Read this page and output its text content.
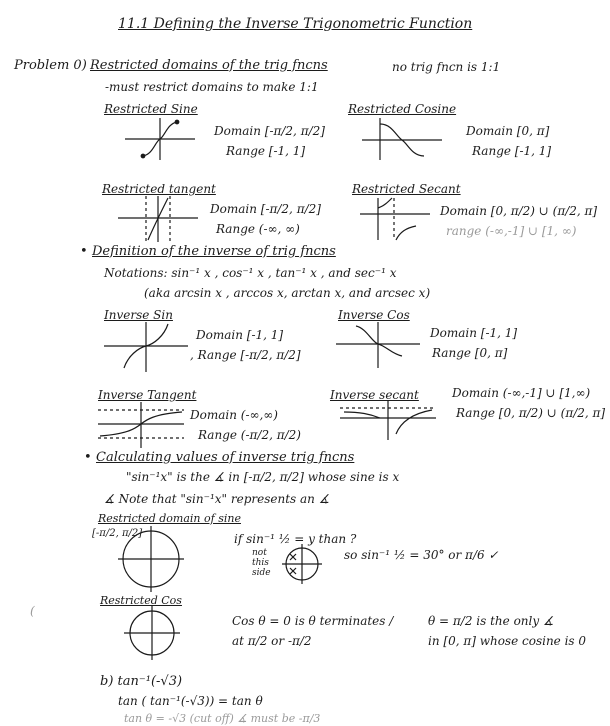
11.1 Defining the Inverse Trigonometric Function
Problem 0) Restricted domains of the trig fncns	no trig fncn is 1:1
-must restrict domains to make 1:1
Restricted Sine
Domain [-π/2, π/2]
Range [-1, 1]
Restricted Cosine
Domain [0, π]
Range [-1, 1]
Restricted tangent
Domain [-π/2, π/2]
Range (-∞, ∞)
Restricted Secant
Domain [0, π/2) ∪ (π/2, π]
range (-∞,-1] ∪ [1, ∞)
• Definition of the inverse of trig fncns
Notations: sin⁻¹ x , cos⁻¹ x , tan⁻¹ x , and sec⁻¹ x
(aka arcsin x , arccos x, arctan x, and arcsec x)
Inverse Sin
Domain [-1, 1]
, Range [-π/2, π/2]
Inverse Cos
Domain [-1, 1]
Range [0, π]
Inverse Tangent
Domain (-∞,∞)
Range (-π/2, π/2)
Inverse secant	Domain (-∞,-1] ∪ [1,∞)
Range [0, π/2) ∪ (π/2, π]
• Calculating values of inverse trig fncns
"sin⁻¹x" is the ∡ in [-π/2, π/2] whose sine is x
∡ Note that "sin⁻¹x" represents an ∡
Restricted domain of sine
[-π/2, π/2]	if sin⁻¹ ½ = y than ?
not this side
so sin⁻¹ ½ = 30° or π/6 ✓
Restricted Cos
Cos θ = 0 is θ terminates /
at π/2 or -π/2
θ = π/2 is the only ∡
in [0, π] whose cosine is 0
b) tan⁻¹(-√3)
tan ( tan⁻¹(-√3)) = tan θ
tan θ = -√3 (cut off) ∡ must be -π/3
(
